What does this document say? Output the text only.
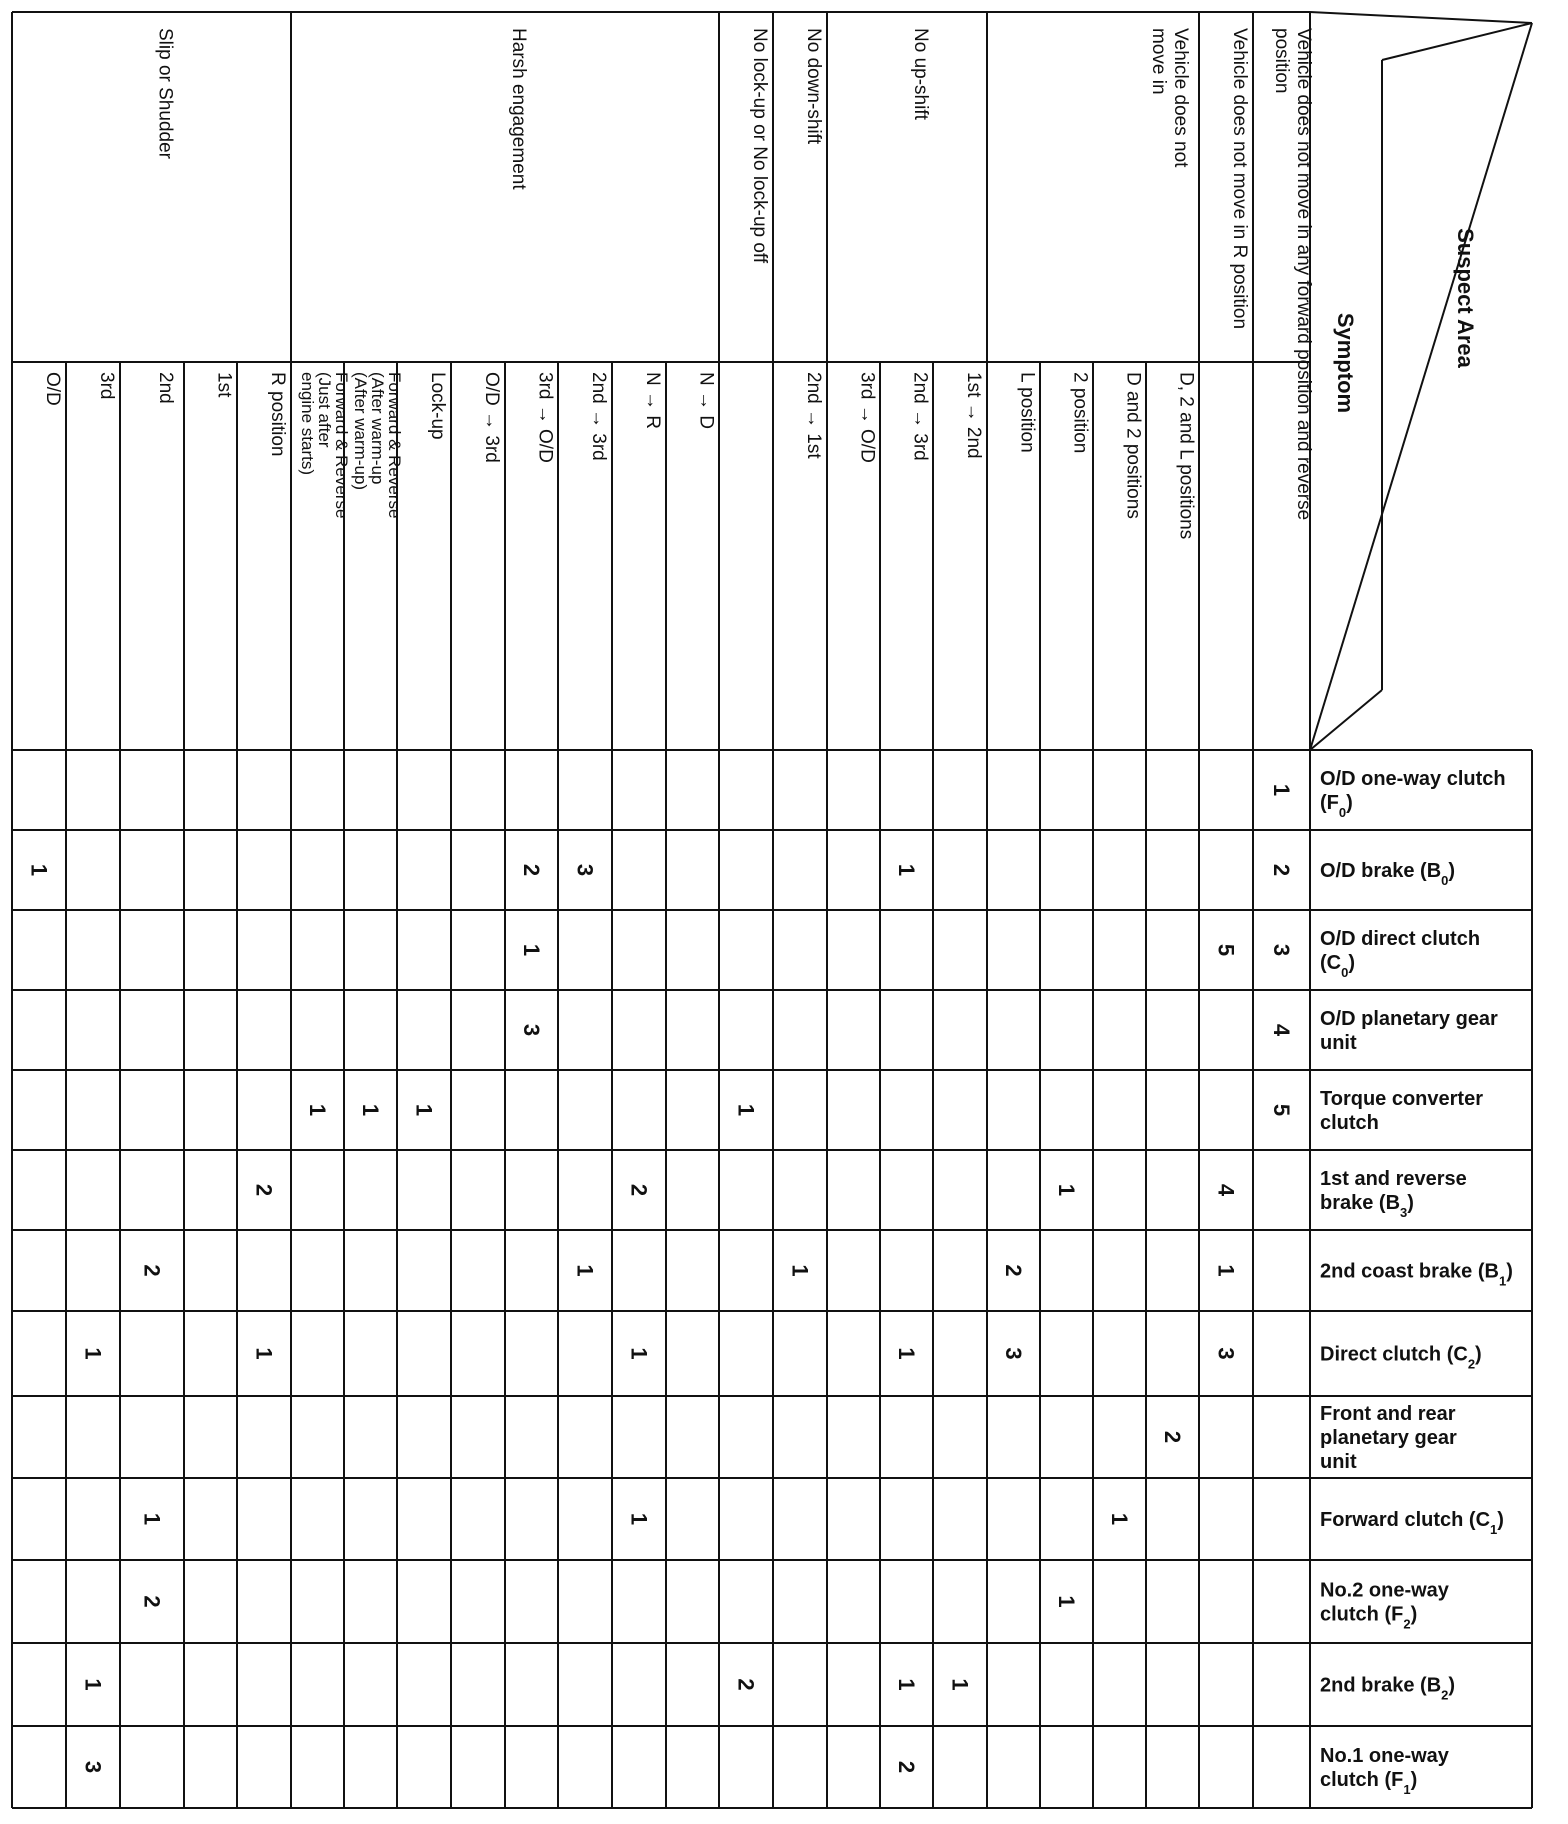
Suspect Area
Symptom
Vehicle does not move in any forward position and reverse
position
Vehicle does not move in R position
Vehicle does not
move in
D, 2 and L positions
D and 2 positions
2 position
L position
No up-shift
1st → 2nd
2nd → 3rd
3rd → O/D
No down-shift
2nd → 1st
No lock-up or No lock-up off
Harsh engagement
N → D
N → R
2nd → 3rd
3rd → O/D
O/D → 3rd
Lock-up
Forward & Reverse
(After warm-up
(After warm-up)
Forward & Reverse
(Just after
engine starts)
Slip or Shudder
R position
1st
2nd
3rd
O/D
O/D one-way clutch
$(F_0)$
O/D brake $(B_0)$
O/D direct clutch
$(C_0)$
O/D planetary gear
unit
Torque converter
clutch
1st and reverse
brake $(B_3)$
2nd coast brake $(B_1)$
Direct clutch $(C_2)$
Front and rear
planetary gear
unit
Forward clutch $(C_1)$
No.2 one-way
clutch $(F_2)$
2nd brake $(B_2)$
No.1 one-way
clutch $(F_1)$
1
2
1
3
2
1
3
5
1
4
3
5
1
1
1
1
4
1
2
2
1
2
1
1
2
3
3
1
1
1
1
2
1
1
1
1
2
1
1
2
1
2
3
